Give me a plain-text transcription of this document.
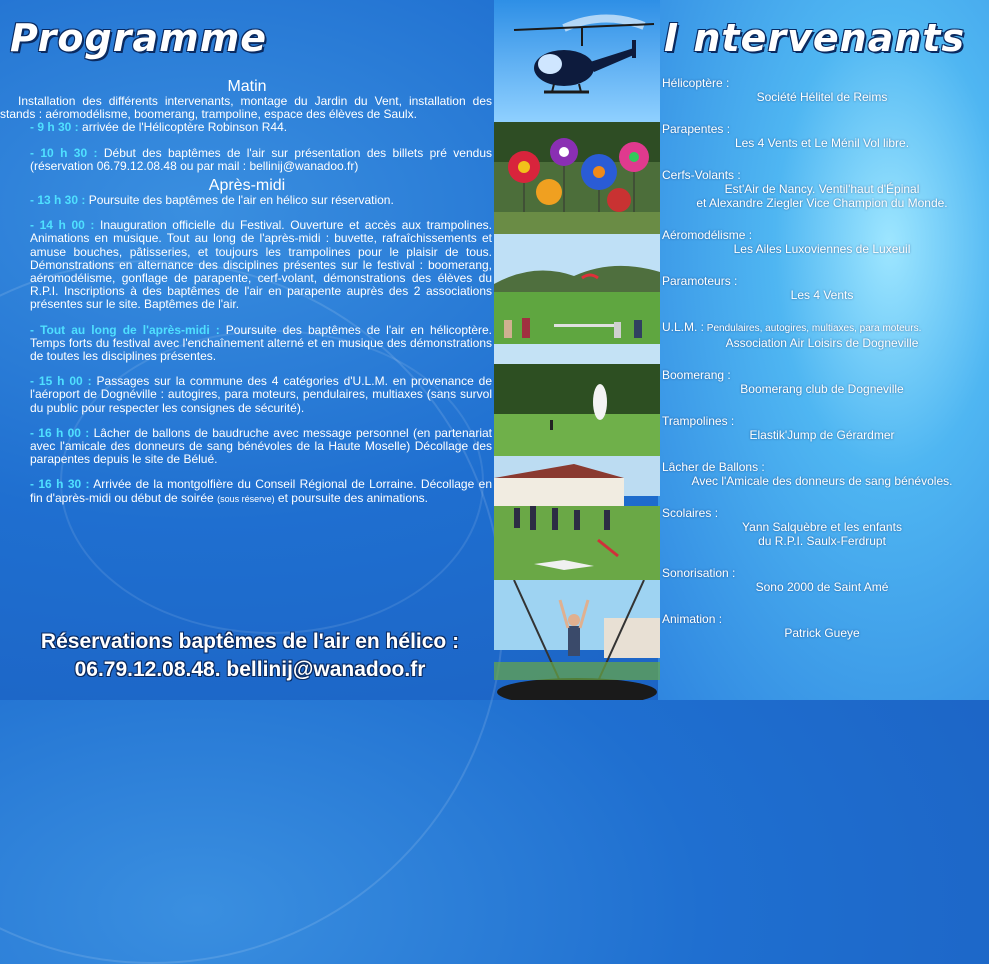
Programme	I ntervenants

Matin

Installation des différents intervenants, montage du Jardin du Vent, installation des stands : aéromodélisme, boomerang, trampoline, espace des élèves de Saulx.

- 9 h 30 : arrivée de l'Hélicoptère Robinson R44.

- 10 h 30 : Début des baptêmes de l'air sur présentation des billets pré vendus (réservation 06.79.12.08.48 ou par mail : bellinij@wanadoo.fr)

Après-midi

- 13 h 30 : Poursuite des baptêmes de l'air en hélico sur réservation.

- 14 h 00 : Inauguration officielle du Festival. Ouverture et accès aux trampolines. Animations en musique. Tout au long de l'après-midi : buvette, rafraîchissements et amuse bouches, pâtisseries, et toujours les trampolines pour le plaisir de tous. Démonstrations en alternance des disciplines présentes sur le festival : boomerang, aéromodélisme, gonflage de parapente, cerf-volant, démonstrations des élèves du R.P.I. Inscriptions à des baptêmes de l'air en parapente auprès des 2 associations présentes sur le site. Baptêmes de l'air.

- Tout au long de l'après-midi : Poursuite des baptêmes de l'air en hélicoptère. Temps forts du festival avec l'enchaînement alterné et en musique des démonstrations de toutes les disciplines présentes.

- 15 h 00 : Passages sur la commune des 4 catégories d'U.L.M. en provenance de l'aéroport de Dognéville : autogires, para moteurs, pendulaires, multiaxes (sans survol du public pour respecter les consignes de sécurité).

- 16 h 00 : Lâcher de ballons de baudruche avec message personnel (en partenariat avec l'amicale des donneurs de sang bénévoles de la Haute Moselle) Décollage des parapentes depuis le site de Bélué.

- 16 h 30 : Arrivée de la montgolfière du Conseil Régional de Lorraine. Décollage en fin d'après-midi ou début de soirée (sous réserve) et poursuite des animations.

Réservations baptêmes de l'air en hélico :
06.79.12.08.48. bellinij@wanadoo.fr

Hélicoptère :

Société Hélitel de Reims

Parapentes :

Les 4 Vents et Le Ménil Vol libre.

Cerfs-Volants :

Est'Air de Nancy. Ventil'haut d'Épinal

et Alexandre Ziegler Vice Champion du Monde.

Aéromodélisme :

Les Ailes Luxoviennes de Luxeuil

Paramoteurs :

Les 4 Vents

U.L.M. : Pendulaires, autogires, multiaxes, para moteurs.

Association Air Loisirs de Dogneville

Boomerang :

Boomerang club de Dogneville

Trampolines :

Elastik'Jump de Gérardmer

Lâcher de Ballons :

Avec l'Amicale des donneurs de sang bénévoles.

Scolaires :

Yann Salquèbre et les enfants

du R.P.I. Saulx-Ferdrupt

Sonorisation :

Sono 2000 de Saint Amé

Animation :

Patrick Gueye
